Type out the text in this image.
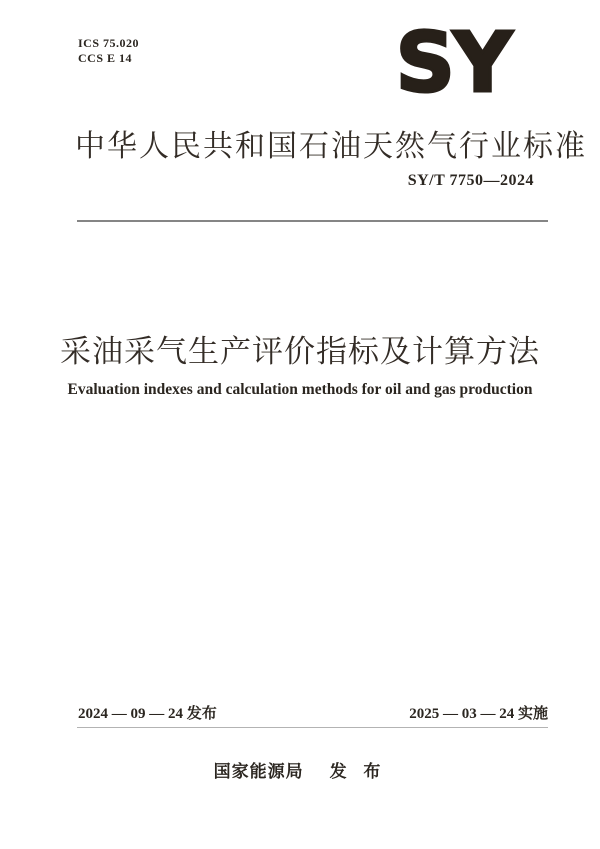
ICS 75.020
CCS E 14	SY
中华人民共和国石油天然气行业标准
SY/T 7750—2024
采油采气生产评价指标及计算方法
Evaluation indexes and calculation methods for oil and gas production
2024 — 09 — 24 发布	2025 — 03 — 24 实施
国家能源局 发 布
